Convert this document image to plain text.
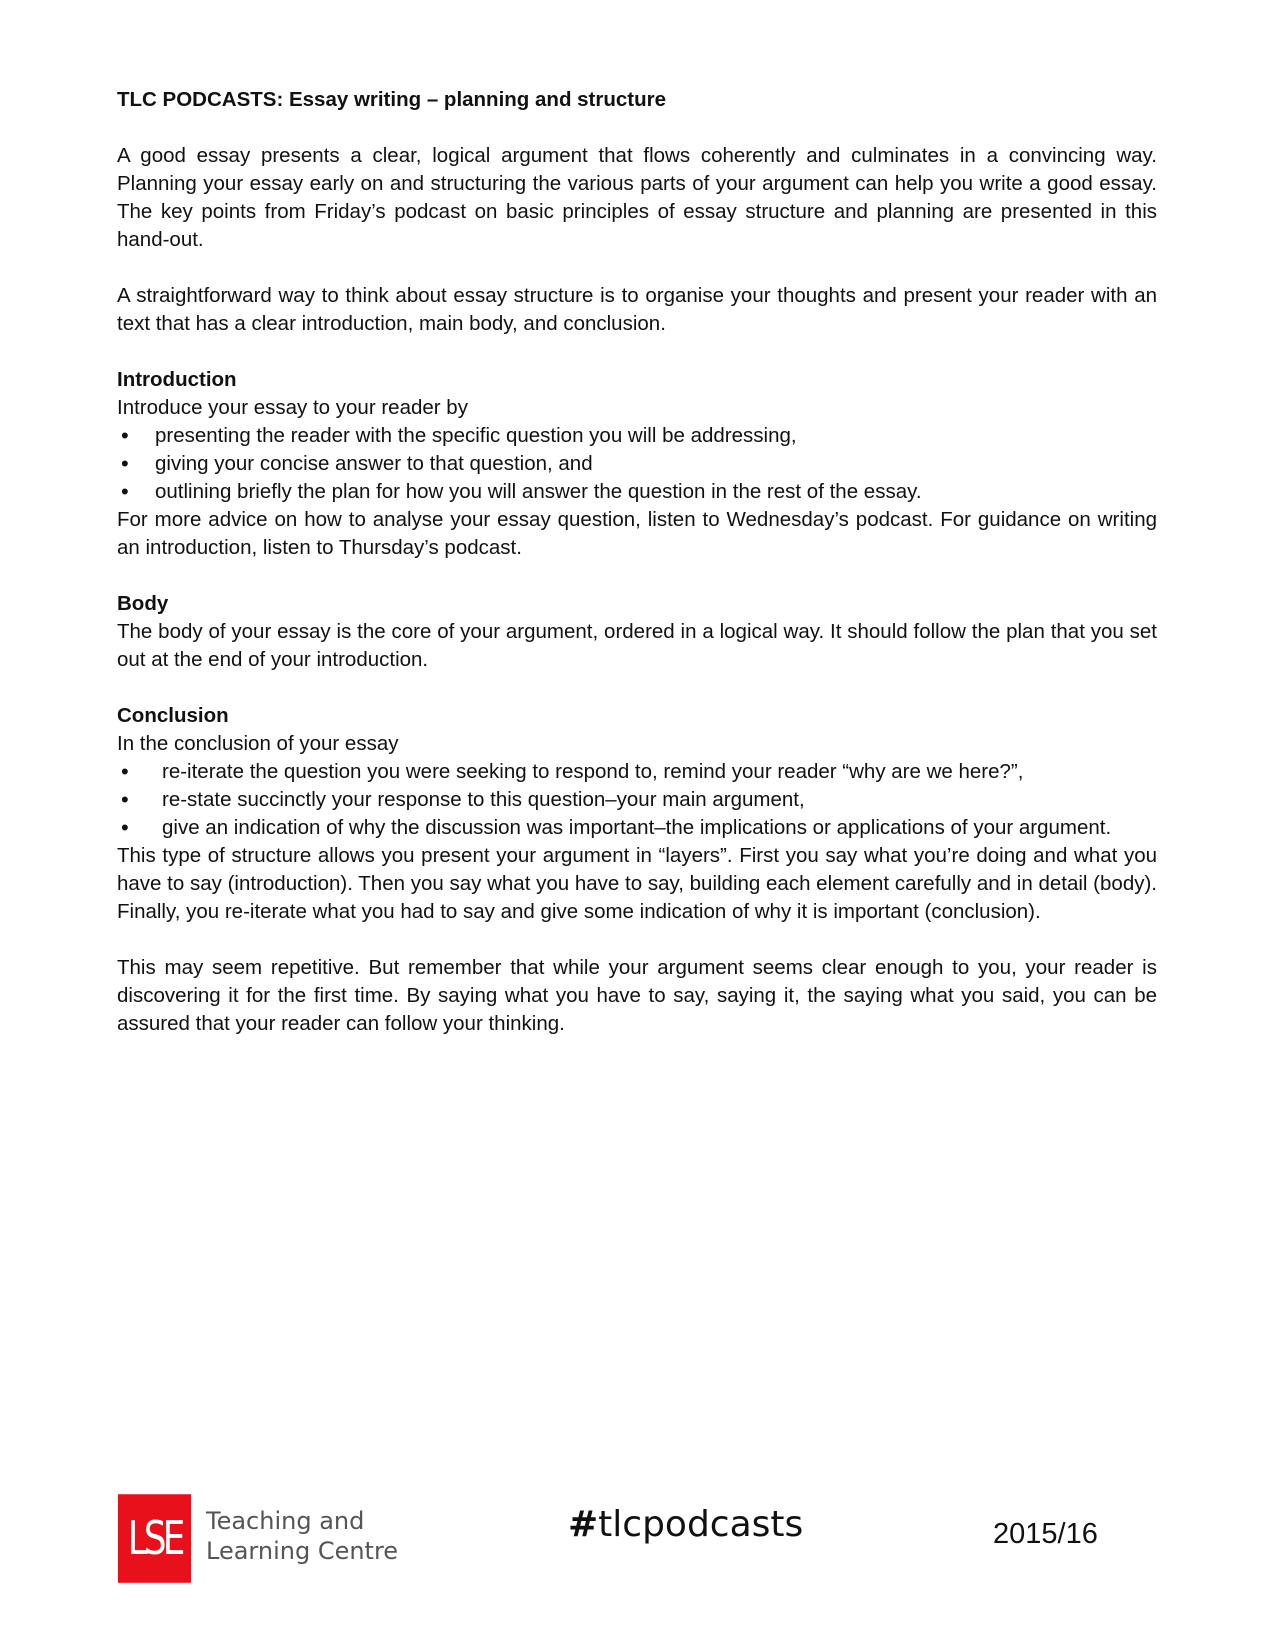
TLC PODCASTS: Essay writing – planning and structure

A good essay presents a clear, logical argument that flows coherently and culminates in a convincing way. Planning your essay early on and structuring the various parts of your argument can help you write a good essay. The key points from Friday’s podcast on basic principles of essay structure and planning are presented in this hand-out.

A straightforward way to think about essay structure is to organise your thoughts and present your reader with an text that has a clear introduction, main body, and conclusion.

Introduction

Introduce your essay to your reader by

• presenting the reader with the specific question you will be addressing,
• giving your concise answer to that question, and
• outlining briefly the plan for how you will answer the question in the rest of the essay.

For more advice on how to analyse your essay question, listen to Wednesday’s podcast. For guidance on writing an introduction, listen to Thursday’s podcast.

Body

The body of your essay is the core of your argument, ordered in a logical way. It should follow the plan that you set out at the end of your introduction.

Conclusion

In the conclusion of your essay

• re-iterate the question you were seeking to respond to, remind your reader “why are we here?”,
• re-state succinctly your response to this question–your main argument,
• give an indication of why the discussion was important–the implications or applications of your argument.

This type of structure allows you present your argument in “layers”. First you say what you’re doing and what you have to say (introduction). Then you say what you have to say, building each element carefully and in detail (body). Finally, you re-iterate what you had to say and give some indication of why it is important (conclusion).

This may seem repetitive. But remember that while your argument seems clear enough to you, your reader is discovering it for the first time. By saying what you have to say, saying it, the saying what you said, you can be assured that your reader can follow your thinking.

LSE Teaching and
Learning Centre
#tlcpodcasts	2015/16
